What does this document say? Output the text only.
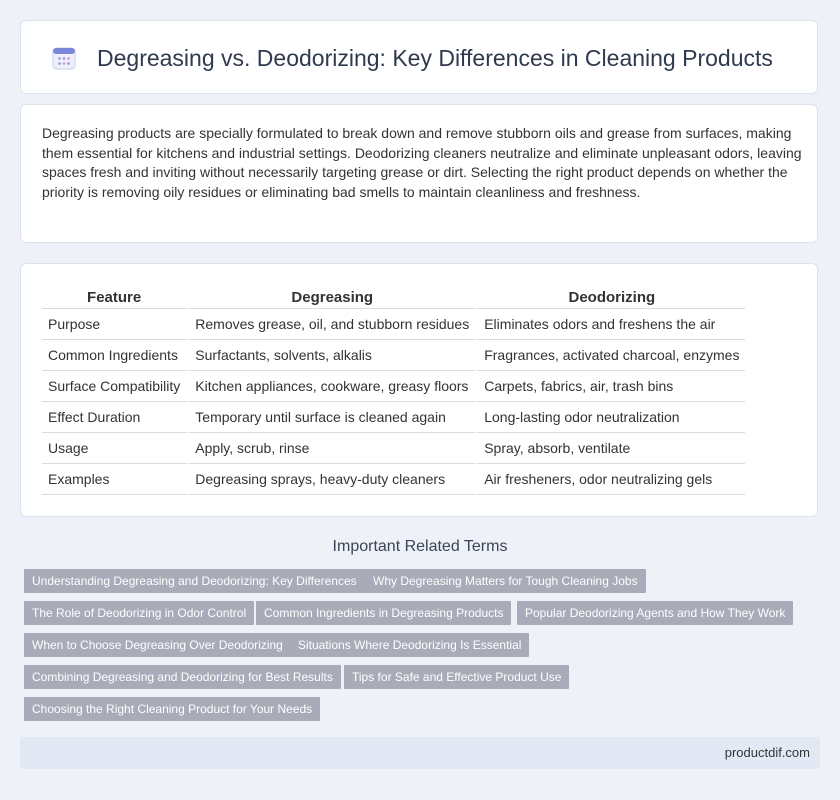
Degreasing vs. Deodorizing: Key Differences in Cleaning Products

Degreasing products are specially formulated to break down and remove stubborn oils and grease from surfaces, making them essential for kitchens and industrial settings. Deodorizing cleaners neutralize and eliminate unpleasant odors, leaving spaces fresh and inviting without necessarily targeting grease or dirt. Selecting the right product depends on whether the priority is removing oily residues or eliminating bad smells to maintain cleanliness and freshness.

Feature	Degreasing	Deodorizing
Purpose	Removes grease, oil, and stubborn residues	Eliminates odors and freshens the air
Common Ingredients	Surfactants, solvents, alkalis	Fragrances, activated charcoal, enzymes
Surface Compatibility	Kitchen appliances, cookware, greasy floors	Carpets, fabrics, air, trash bins
Effect Duration	Temporary until surface is cleaned again	Long-lasting odor neutralization
Usage	Apply, scrub, rinse	Spray, absorb, ventilate
Examples	Degreasing sprays, heavy-duty cleaners	Air fresheners, odor neutralizing gels
Important Related Terms
Understanding Degreasing and Deodorizing: Key Differences	Why Degreasing Matters for Tough Cleaning Jobs
The Role of Deodorizing in Odor Control	Common Ingredients in Degreasing Products	Popular Deodorizing Agents and How They Work
When to Choose Degreasing Over Deodorizing	Situations Where Deodorizing Is Essential
Combining Degreasing and Deodorizing for Best Results	Tips for Safe and Effective Product Use
Choosing the Right Cleaning Product for Your Needs
productdif.com
